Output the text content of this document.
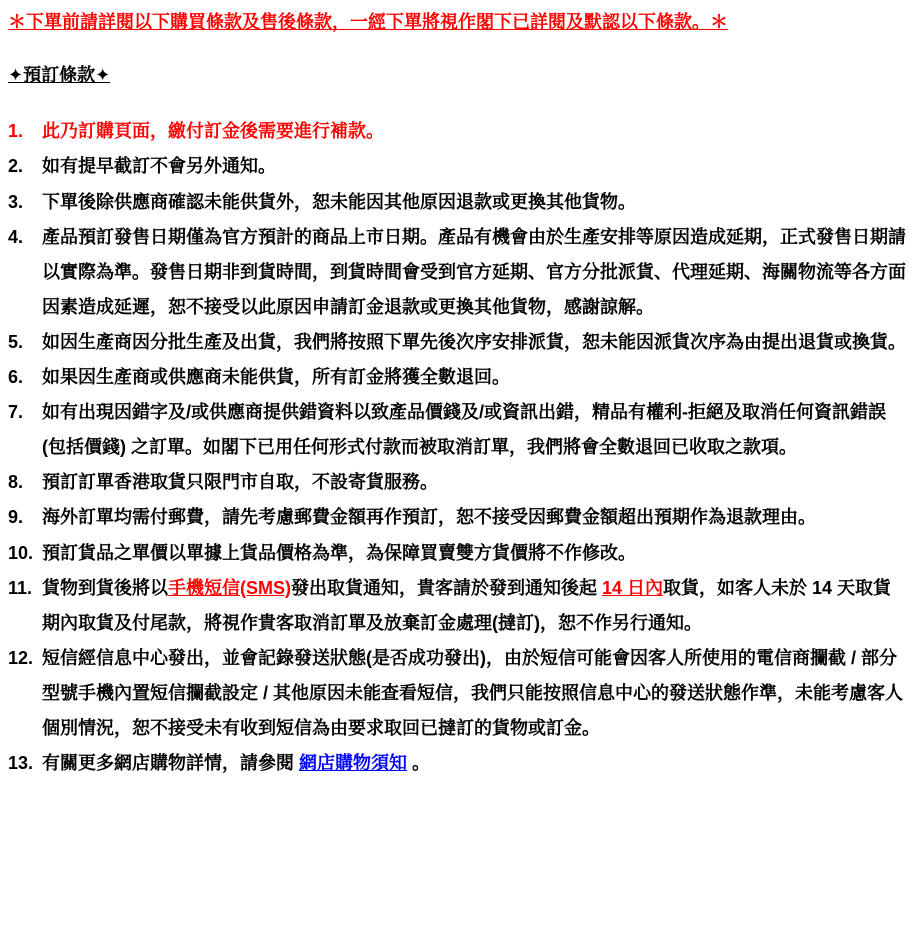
＊下單前請詳閱以下購買條款及售後條款，一經下單將視作閣下已詳閱及默認以下條款。＊
✦預訂條款✦
1.	此乃訂購頁面，繳付訂金後需要進行補款。
2.	如有提早截訂不會另外通知。
3.	下單後除供應商確認未能供貨外，恕未能因其他原因退款或更換其他貨物。
4.	產品預訂發售日期僅為官方預計的商品上市日期。產品有機會由於生產安排等原因造成延期，正式發售日期請以實際為準。發售日期非到貨時間，到貨時間會受到官方延期、官方分批派貨、代理延期、海關物流等各方面因素造成延遲，恕不接受以此原因申請訂金退款或更換其他貨物，感謝諒解。
5.	如因生產商因分批生產及出貨，我們將按照下單先後次序安排派貨，恕未能因派貨次序為由提出退貨或換貨。
6.	如果因生產商或供應商未能供貨，所有訂金將獲全數退回。
7.	如有出現因錯字及/或供應商提供錯資料以致產品價錢及/或資訊出錯，精品有權利-拒絕及取消任何資訊錯誤(包括價錢) 之訂單。如閣下已用任何形式付款而被取消訂單，我們將會全數退回已收取之款項。
8.	預訂訂單香港取貨只限門市自取，不設寄貨服務。
9.	海外訂單均需付郵費，請先考慮郵費金額再作預訂，恕不接受因郵費金額超出預期作為退款理由。
10. 預訂貨品之單價以單據上貨品價格為準，為保障買賣雙方貨價將不作修改。
11. 貨物到貨後將以手機短信(SMS)發出取貨通知，貴客請於發到通知後起 14 日內取貨，如客人未於 14 天取貨期內取貨及付尾款，將視作貴客取消訂單及放棄訂金處理(撻訂)，恕不作另行通知。
12. 短信經信息中心發出，並會記錄發送狀態(是否成功發出)，由於短信可能會因客人所使用的電信商攔截 / 部分型號手機內置短信攔截設定 / 其他原因未能查看短信，我們只能按照信息中心的發送狀態作準，未能考慮客人個別情況，恕不接受未有收到短信為由要求取回已撻訂的貨物或訂金。
13. 有關更多網店購物詳情，請參閱 網店購物須知 。
